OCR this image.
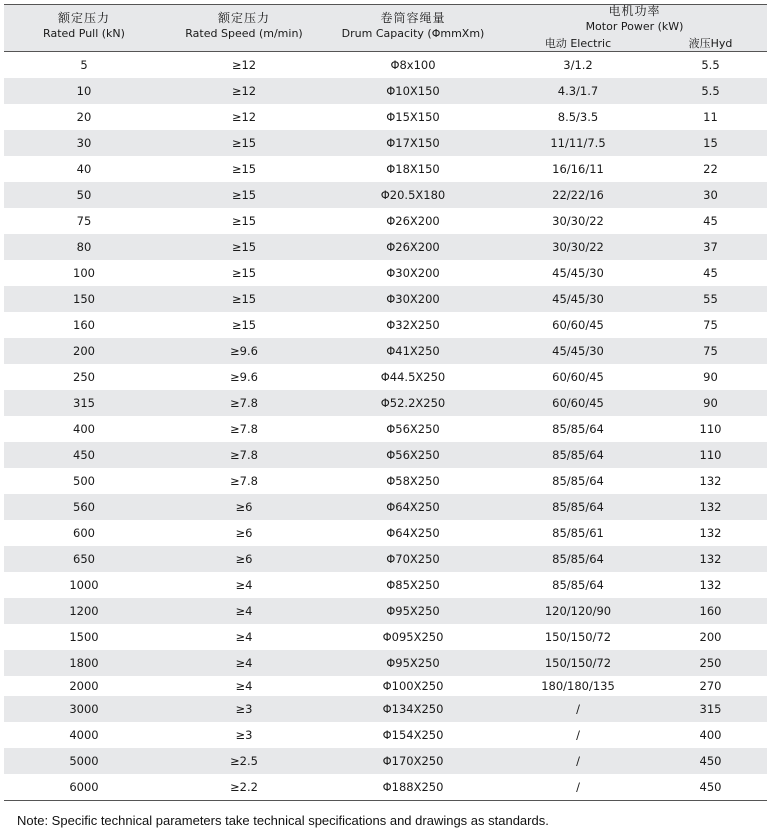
额定压力
Rated Pull (kN)
额定压力
Rated Speed (m/min)
卷筒容绳量
Drum Capacity (ΦmmXm)
电机功率
Motor Power (kW)
电动 Electric	液压Hyd
5	≥12	Φ8x100	3/1.2	5.5
10	≥12	Φ10X150	4.3/1.7	5.5
20	≥12	Φ15X150	8.5/3.5	11
30	≥15	Φ17X150	11/11/7.5	15
40	≥15	Φ18X150	16/16/11	22
50	≥15	Φ20.5X180	22/22/16	30
75	≥15	Φ26X200	30/30/22	45
80	≥15	Φ26X200	30/30/22	37
100	≥15	Φ30X200	45/45/30	45
150	≥15	Φ30X200	45/45/30	55
160	≥15	Φ32X250	60/60/45	75
200	≥9.6	Φ41X250	45/45/30	75
250	≥9.6	Φ44.5X250	60/60/45	90
315	≥7.8	Φ52.2X250	60/60/45	90
400	≥7.8	Φ56X250	85/85/64	110
450	≥7.8	Φ56X250	85/85/64	110
500	≥7.8	Φ58X250	85/85/64	132
560	≥6	Φ64X250	85/85/64	132
600	≥6	Φ64X250	85/85/61	132
650	≥6	Φ70X250	85/85/64	132
1000	≥4	Φ85X250	85/85/64	132
1200	≥4	Φ95X250	120/120/90	160
1500	≥4	Φ095X250	150/150/72	200
1800	≥4	Φ95X250	150/150/72	250
2000	≥4	Φ100X250	180/180/135	270
3000	≥3	Φ134X250	/	315
4000	≥3	Φ154X250	/	400
5000	≥2.5	Φ170X250	/	450
6000	≥2.2	Φ188X250	/	450
Note: Specific technical parameters take technical specifications and drawings as standards.
